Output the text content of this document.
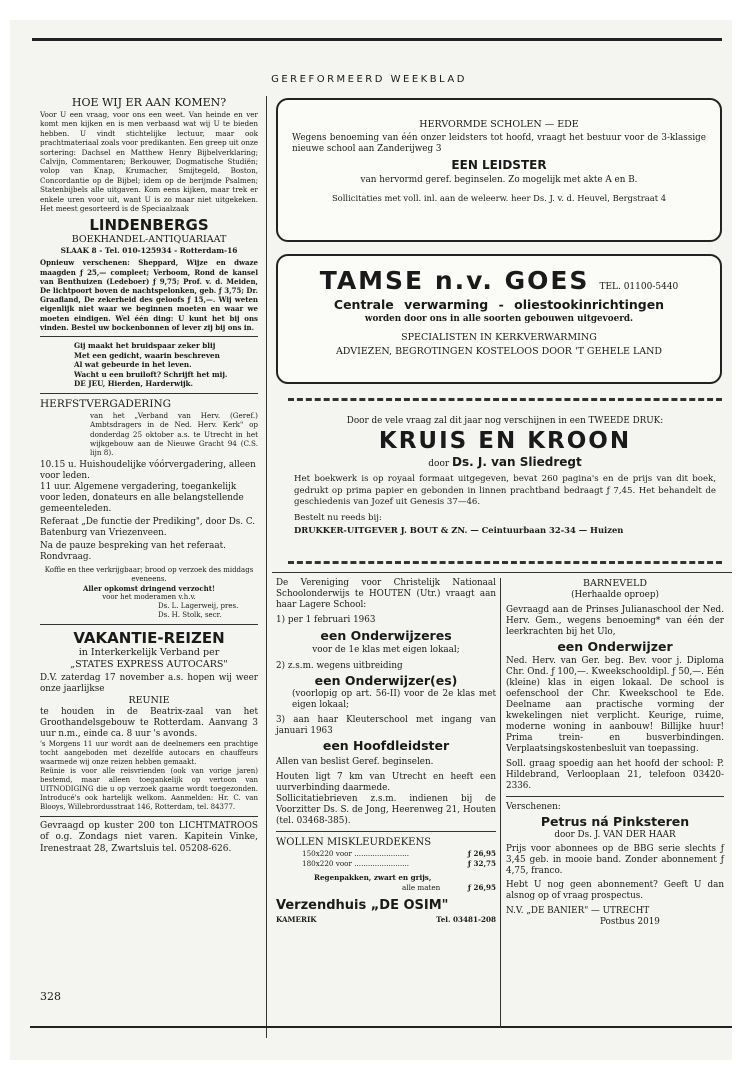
GEREFORMEERD WEEKBLAD
HOE WIJ ER AAN KOMEN?
Voor U een vraag, voor ons een weet. Van heinde en ver komt men kijken en is men verbaasd wat wij U te bieden hebben. U vindt stichtelijke lectuur, maar ook prachtmateriaal zoals voor predikanten. Een greep uit onze sortering: Dachsel en Matthew Henry Bijbelverklaring; Calvijn, Commentaren; Berkouwer, Dogmatische Studiën; volop van Knap, Krumacher, Smijtegeld, Boston, Concordantie op de Bijbel; idem op de berijmde Psalmen; Statenbijbels alle uitgaven. Kom eens kijken, maar trek er enkele uren voor uit, want U is zo maar niet uitgekeken. Het meest gesorteerd is de Speciaalzaak
LINDENBERGS
BOEKHANDEL-ANTIQUARIAAT
SLAAK 8 - Tel. 010-125934 - Rotterdam-16
Opnieuw verschenen: Sheppard, Wijze en dwaze maagden ƒ 25,— compleet; Verboom, Rond de kansel van Benthuizen (Ledeboer) ƒ 9,75; Prof. v. d. Meiden, De lichtpoort boven de nachtspelonken, geb. ƒ 3,75; Dr. Graafland, De zekerheid des geloofs ƒ 15,—. Wij weten eigenlijk niet waar we beginnen moeten en waar we moeten eindigen. Wel één ding: U kunt het bij ons vinden. Bestel uw bockenbonnen of lever zij bij ons in.
Gij maakt het bruidspaar zeker blij
Met een gedicht, waarin beschreven
Al wat gebeurde in het leven.
Wacht u een bruiloft? Schrijft het mij.
DE JEU, Hierden, Harderwijk.
HERFSTVERGADERING
van het „Verband van Herv. (Geref.) Ambtsdragers in de Ned. Herv. Kerk" op donderdag 25 oktober a.s. te Utrecht in het wijkgebouw aan de Nieuwe Gracht 94 (C.S. lijn 8).
10.15 u. Huishoudelijke vóórvergadering, alleen voor leden.
11 uur. Algemene vergadering, toegankelijk voor leden, donateurs en alle belangstellende gemeenteleden.
Referaat „De functie der Prediking", door Ds. C. Batenburg van Vriezenveen.
Na de pauze bespreking van het referaat. Rondvraag.
Koffie en thee verkrijgbaar; brood op verzoek des middags eveneens.
Aller opkomst dringend verzocht!
voor het moderamen v.h.v.
Ds. L. Lagerweij, pres.
Ds. H. Stolk, secr.
VAKANTIE-REIZEN
in Interkerkelijk Verband per
„STATES EXPRESS AUTOCARS"
D.V. zaterdag 17 november a.s. hopen wij weer onze jaarlijkse
REUNIE
te houden in de Beatrix-zaal van het Groothandelsgebouw te Rotterdam. Aanvang 3 uur n.m., einde ca. 8 uur 's avonds.
's Morgens 11 uur wordt aan de deelnemers een prachtige tocht aangeboden met dezelfde autocars en chauffeurs waarmede wij onze reizen hebben gemaakt.
Reünie is voor alle reisvrienden (ook van vorige jaren) bestemd, maar alleen toegankelijk op vertoon van UITNODIGING die u op verzoek gaarne wordt toegezonden. Introducé's ook hartelijk welkom. Aanmelden: Hr. C. van Blooys, Willebrordusstraat 146, Rotterdam, tel. 84377.
Gevraagd op kuster 200 ton LICHTMATROOS of o.g. Zondags niet varen. Kapitein Vinke, Irenestraat 28, Zwartsluis tel. 05208-626.
328
HERVORMDE SCHOLEN — EDE
Wegens benoeming van één onzer leidsters tot hoofd, vraagt het bestuur voor de 3-klassige nieuwe school aan Zanderijweg 3
EEN LEIDSTER
van hervormd geref. beginselen. Zo mogelijk met akte A en B.
Sollicitaties met voll. inl. aan de weleerw. heer Ds. J. v. d. Heuvel, Bergstraat 4
TAMSE n.v. GOES TEL. 01100-5440
Centrale verwarming - oliestookinrichtingen
worden door ons in alle soorten gebouwen uitgevoerd.
SPECIALISTEN IN KERKVERWARMING
ADVIEZEN, BEGROTINGEN KOSTELOOS DOOR 'T GEHELE LAND
Door de vele vraag zal dit jaar nog verschijnen in een TWEEDE DRUK:
KRUIS EN KROON
door Ds. J. van Sliedregt
Het boekwerk is op royaal formaat uitgegeven, bevat 260 pagina's en de prijs van dit boek, gedrukt op prima papier en gebonden in linnen prachtband bedraagt ƒ 7,45. Het behandelt de geschiedenis van Jozef uit Genesis 37—46.
Bestelt nu reeds bij:
DRUKKER-UITGEVER J. BOUT & ZN. — Ceintuurbaan 32-34 — Huizen
De Vereniging voor Christelijk Nationaal Schoolonderwijs te HOUTEN (Utr.) vraagt aan haar Lagere School:
1) per 1 februari 1963
een Onderwijzeres
voor de 1e klas met eigen lokaal;
2) z.s.m. wegens uitbreiding
een Onderwijzer(es)
(voorlopig op art. 56-II) voor de 2e klas met eigen lokaal;
3) aan haar Kleuterschool met ingang van januari 1963
een Hoofdleidster
Allen van beslist Geref. beginselen.
Houten ligt 7 km van Utrecht en heeft een uurverbinding daarmede.
Sollicitatiebrieven z.s.m. indienen bij de Voorzitter Ds. S. de Jong, Heerenweg 21, Houten (tel. 03468-385).
WOLLEN MISKLEURDEKENS
150x220 voor ........................	ƒ 26,95
180x220 voor ........................	ƒ 32,75
Regenpakken, zwart en grijs,
alle maten	ƒ 26,95
Verzendhuis „DE OSIM"
KAMERIK	Tel. 03481-208
BARNEVELD
(Herhaalde oproep)
Gevraagd aan de Prinses Julianaschool der Ned. Herv. Gem., wegens benoeming* van één der leerkrachten bij het Ulo,
een Onderwijzer
Ned. Herv. van Ger. beg. Bev. voor j. Diploma Chr. Ond. ƒ 100,—. Kweekschooldipl. ƒ 50,—. Eén (kleine) klas in eigen lokaal. De school is oefenschool der Chr. Kweekschool te Ede. Deelname aan practische vorming der kwekelingen niet verplicht. Keurige, ruime, moderne woning in aanbouw! Billijke huur! Prima trein- en busverbindingen. Verplaatsingskostenbesluit van toepassing.
Soll. graag spoedig aan het hoofd der school: P. Hildebrand, Verlooplaan 21, telefoon 03420-2336.
Verschenen:
Petrus ná Pinksteren
door Ds. J. VAN DER HAAR
Prijs voor abonnees op de BBG serie slechts ƒ 3,45 geb. in mooie band. Zonder abonnement ƒ 4,75, franco.
Hebt U nog geen abonnement? Geeft U dan alsnog op of vraag prospectus.
N.V. „DE BANIER" — UTRECHT
Postbus 2019
